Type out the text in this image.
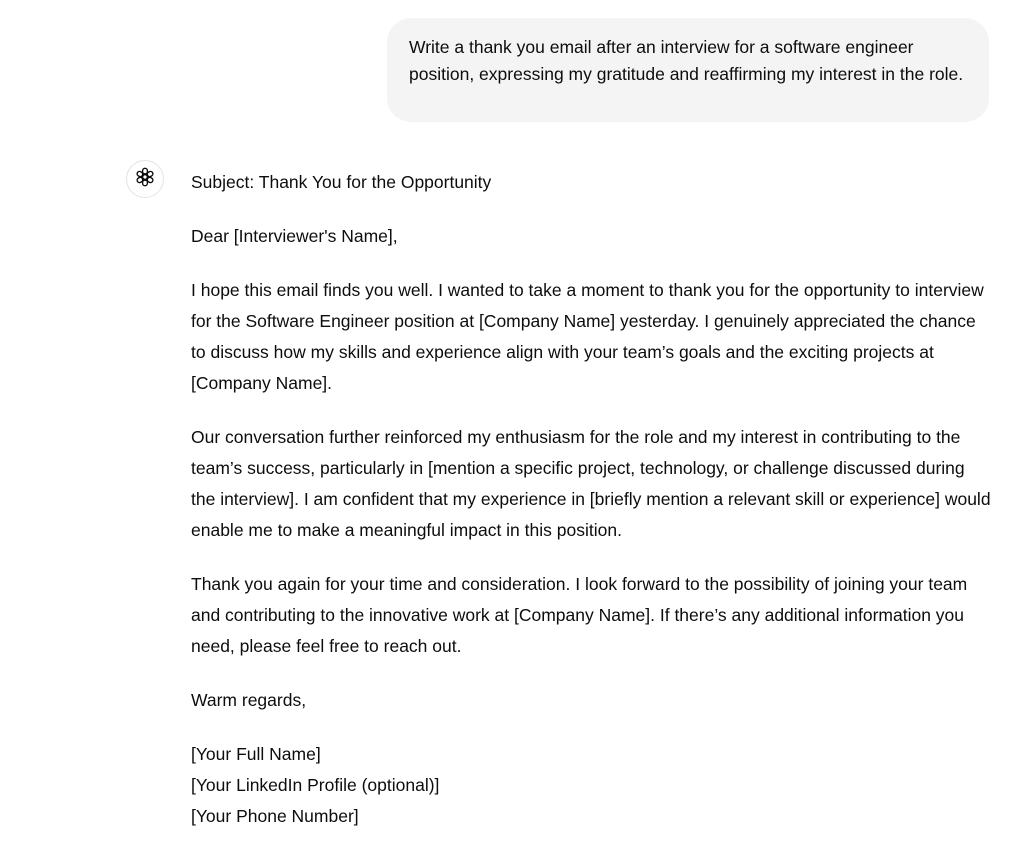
Write a thank you email after an interview for a software engineer position, expressing my gratitude and reaffirming my interest in the role.

Subject: Thank You for the Opportunity

Dear [Interviewer's Name],

I hope this email finds you well. I wanted to take a moment to thank you for the opportunity to interview for the Software Engineer position at [Company Name] yesterday. I genuinely appreciated the chance to discuss how my skills and experience align with your team’s goals and the exciting projects at [Company Name].

Our conversation further reinforced my enthusiasm for the role and my interest in contributing to the team’s success, particularly in [mention a specific project, technology, or challenge discussed during the interview]. I am confident that my experience in [briefly mention a relevant skill or experience] would enable me to make a meaningful impact in this position.

Thank you again for your time and consideration. I look forward to the possibility of joining your team and contributing to the innovative work at [Company Name]. If there’s any additional information you need, please feel free to reach out.

Warm regards,

[Your Full Name]
[Your LinkedIn Profile (optional)]
[Your Phone Number]
